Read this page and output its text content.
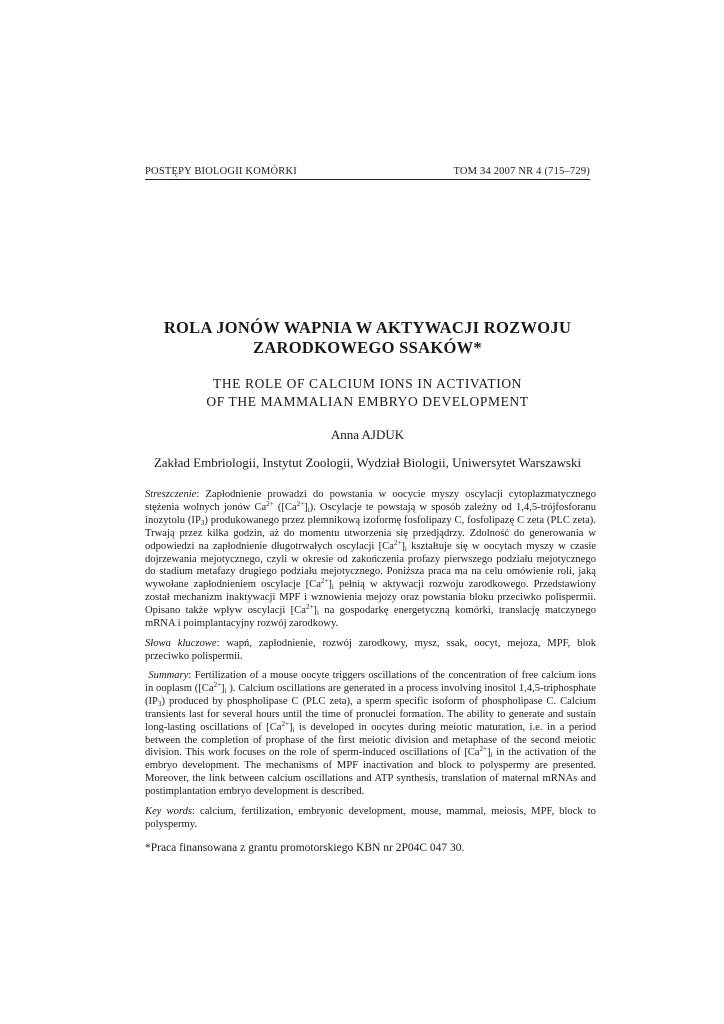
POSTĘPY BIOLOGII KOMÓRKI	TOM 34 2007 NR 4 (715–729)
ROLA JONÓW WAPNIA W AKTYWACJI ROZWOJU
ZARODKOWEGO SSAKÓW*
THE ROLE OF CALCIUM IONS IN ACTIVATION
OF THE MAMMALIAN EMBRYO DEVELOPMENT
Anna AJDUK
Zakład Embriologii, Instytut Zoologii, Wydział Biologii, Uniwersytet Warszawski
Streszczenie: Zapłodnienie prowadzi do powstania w oocycie myszy oscylacji cytoplazmatycznego stężenia wolnych jonów $Ca^{2+}$ $([Ca^{2+}]_i)$. Oscylacje te powstają w sposób zależny od 1,4,5-trójfosforanu inozytolu $(IP_3)$ produkowanego przez plemnikową izoformę fosfolipazy C, fosfolipazę C zeta (PLC zeta). Trwają przez kilka godzin, aż do momentu utworzenia się przedjądrzy. Zdolność do generowania w odpowiedzi na zapłodnienie długotrwałych oscylacji $[Ca^{2+}]_i$ kształtuje się w oocytach myszy w czasie dojrzewania mejotycznego, czyli w okresie od zakończenia profazy pierwszego podziału mejotycznego do stadium metafazy drugiego podziału mejotycznego. Poniższa praca ma na celu omówienie roli, jaką wywołane zapłodnieniem oscylacje $[Ca^{2+}]_i$ pełnią w aktywacji rozwoju zarodkowego. Przedstawiony został mechanizm inaktywacji MPF i wznowienia mejozy oraz powstania bloku przeciwko polispermii. Opisano także wpływ oscylacji $[Ca^{2+}]_i$ na gospodarkę energetyczną komórki, translację matczynego mRNA i poimplantacyjny rozwój zarodkowy.
Słowa kluczowe: wapń, zapłodnienie, rozwój zarodkowy, mysz, ssak, oocyt, mejoza, MPF, blok przeciwko polispermii.
Summary: Fertilization of a mouse oocyte triggers oscillations of the concentration of free calcium ions in ooplasm ($[Ca^{2+}]_i$ ). Calcium oscillations are generated in a process involving inositol 1,4,5-triphosphate $(IP_3)$ produced by phospholipase C (PLC zeta), a sperm specific isoform of phospholipase C. Calcium transients last for several hours until the time of pronuclei formation. The ability to generate and sustain long-lasting oscillations of $[Ca^{2+}]_i$ is developed in oocytes during meiotic maturation, i.e. in a period between the completion of prophase of the first meiotic division and metaphase of the second meiotic division. This work focuses on the role of sperm-induced oscillations of $[Ca^{2+}]_i$ in the activation of the embryo development. The mechanisms of MPF inactivation and block to polyspermy are presented. Moreover, the link between calcium oscillations and ATP synthesis, translation of maternal mRNAs and postimplantation embryo development is described.
Key words: calcium, fertilization, embryonic development, mouse, mammal, meiosis, MPF, block to polyspermy.
*Praca finansowana z grantu promotorskiego KBN nr 2P04C 047 30.
